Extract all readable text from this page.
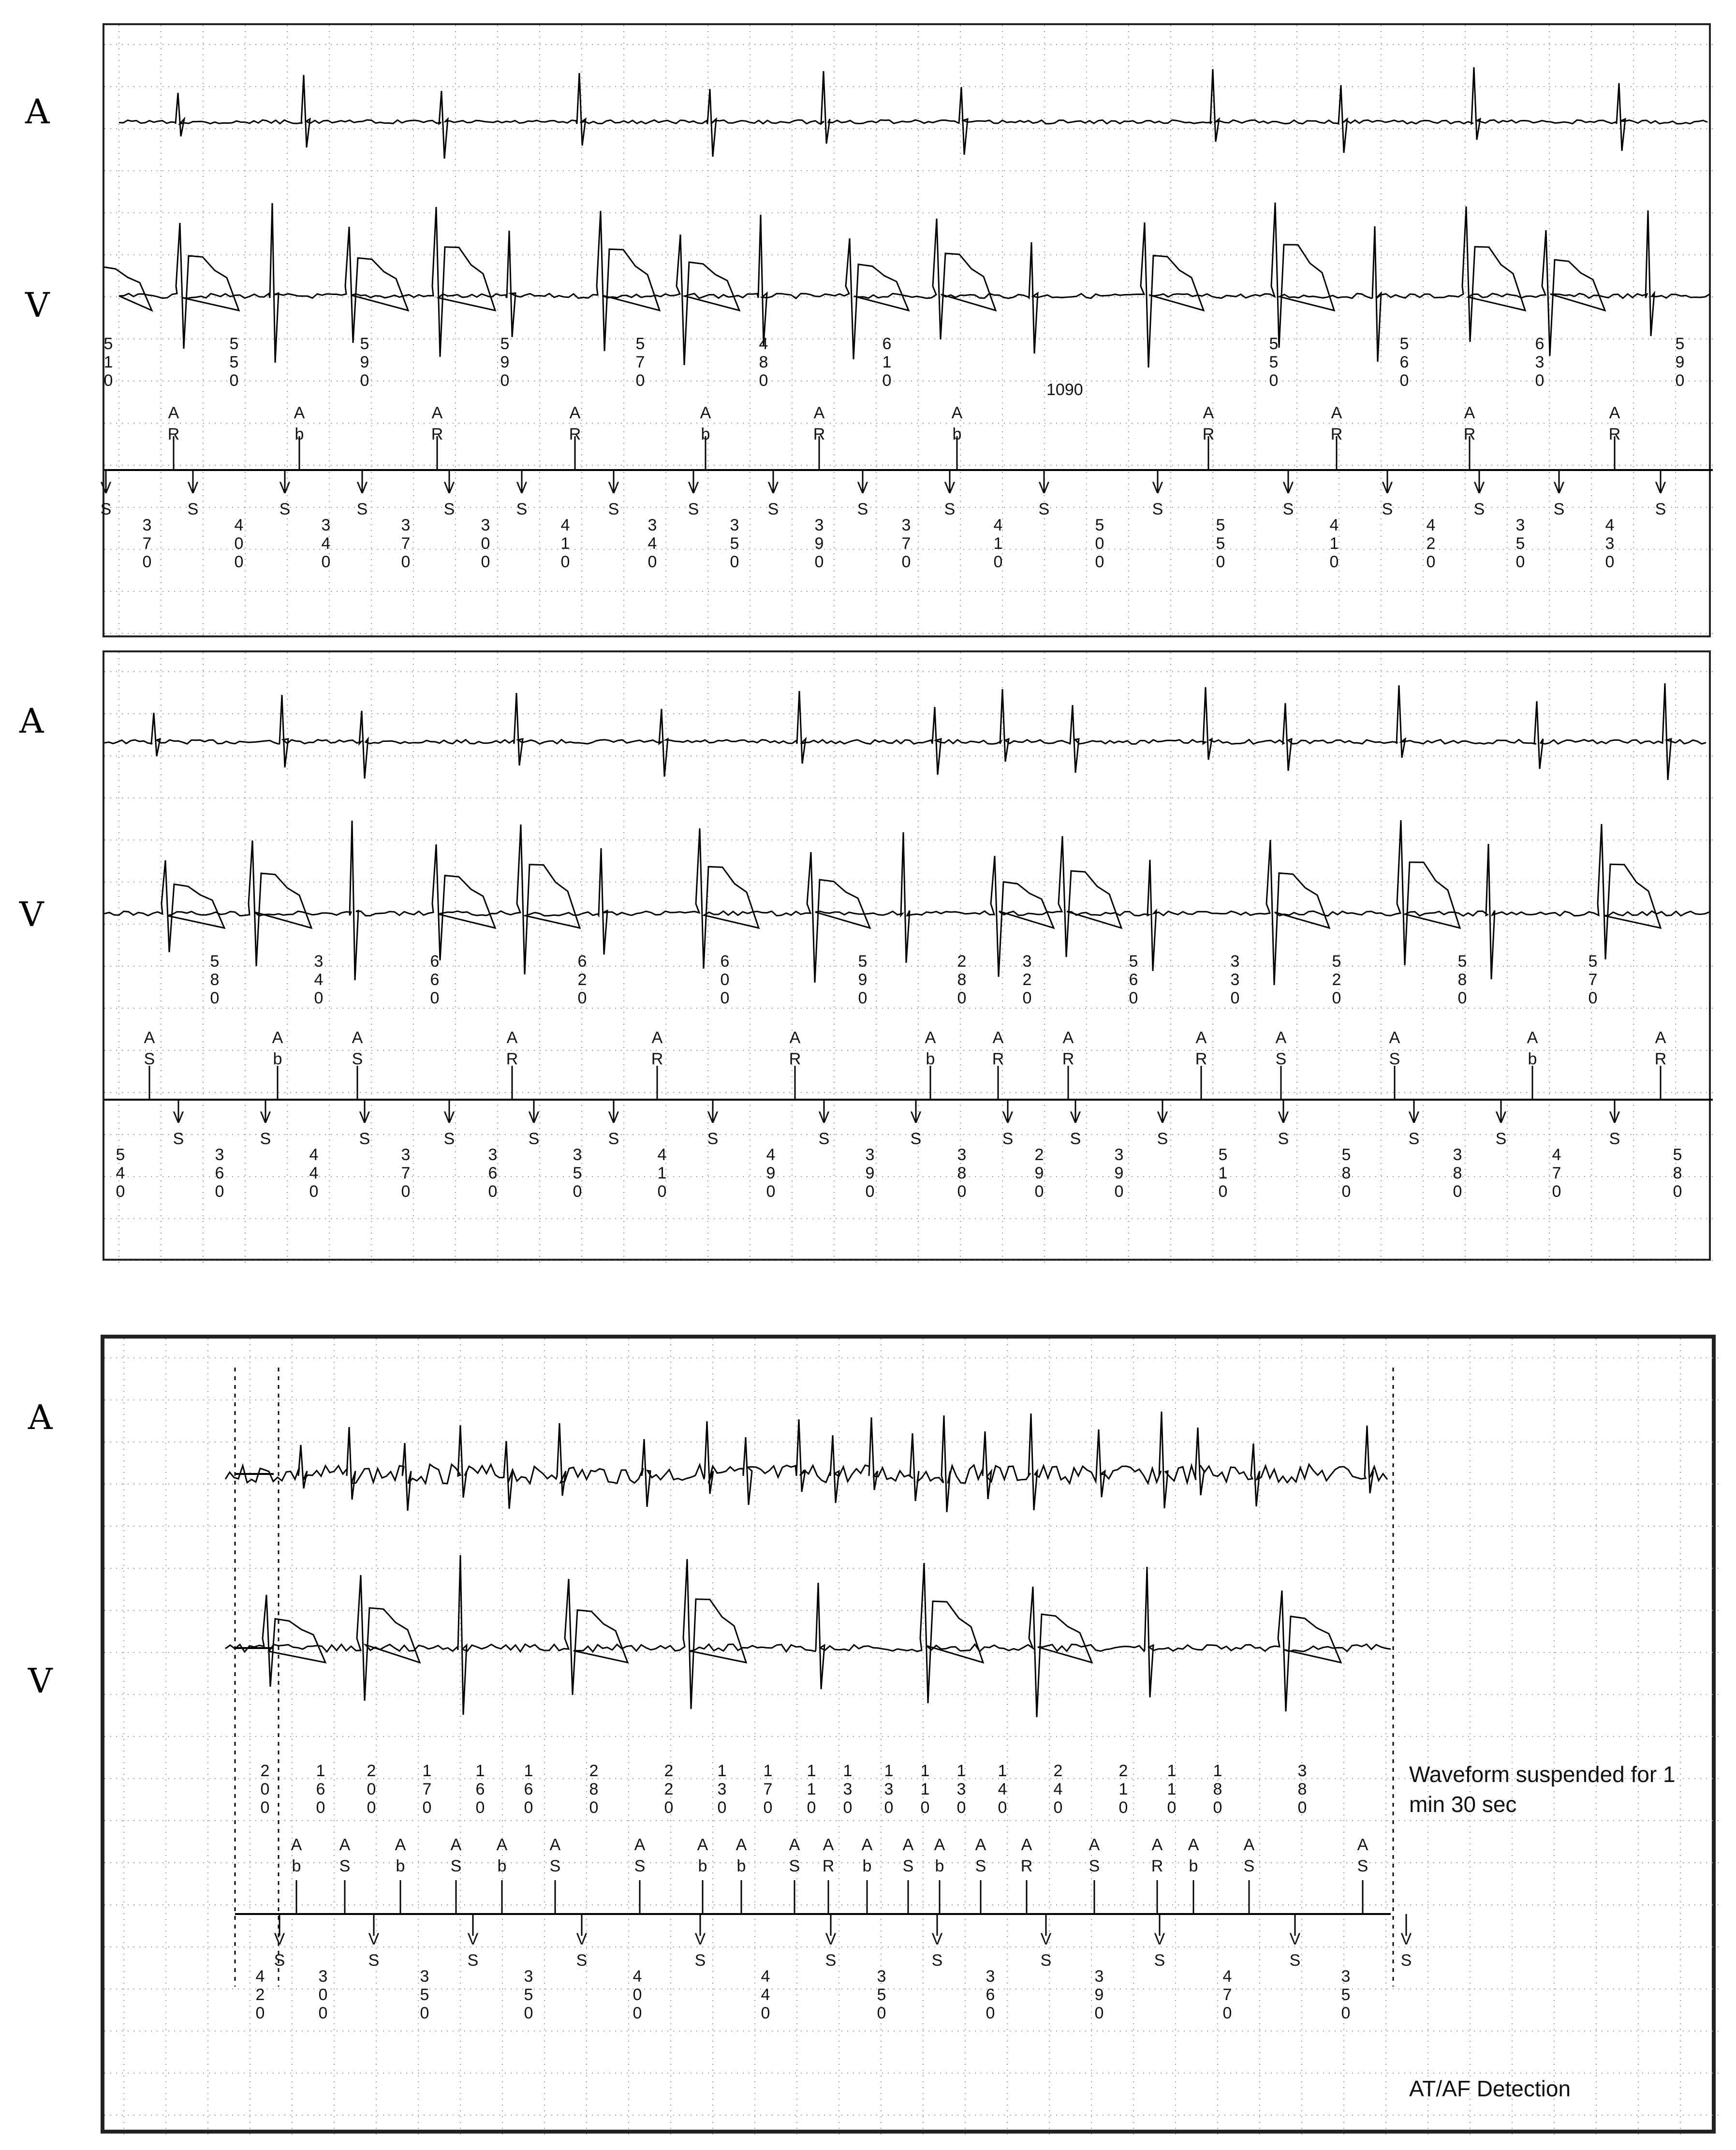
A
V
A
V
A
V
510
550
590
590
570
480
610
550
560
630
590
AR
Ab
AR
AR
Ab
AR
Ab
AR
AR
AR
AR
VS
VS
VS
VS
VS
VS
VS
VS
VS
VS
VS
VS
VS
VS
VS
VS
VS
VS
370
400
340
370
300
410
340
350
390
370
410
500
550
410
420
350
430
1090
580
340
660
620
600
590
280
320
560
330
520
580
570
AS
Ab
AS
AR
AR
AR
Ab
AR
AR
AR
AS
AS
Ab
AR
VS
VS
VS
VS
VS
VS
VS
VS
VS
VS
VS
VS
VS
VS
VS
VS
540
360
440
370
360
350
410
490
390
380
290
390
510
580
380
470
580
200
160
200
170
160
160
280
220
130
170
110
130
130
110
130
140
240
210
110
180
380
Ab
AS
Ab
AS
Ab
AS
AS
Ab
Ab
AS
AR
Ab
AS
Ab
AS
AR
AS
AR
Ab
AS
AS
VS
VS
VS
VS
VS
VS
VS
VS
VS
VS
VS
420
300
350
350
400
440
350
360
390
470
350
Waveform suspended for 1 min 30 sec
AT/AF Detection
